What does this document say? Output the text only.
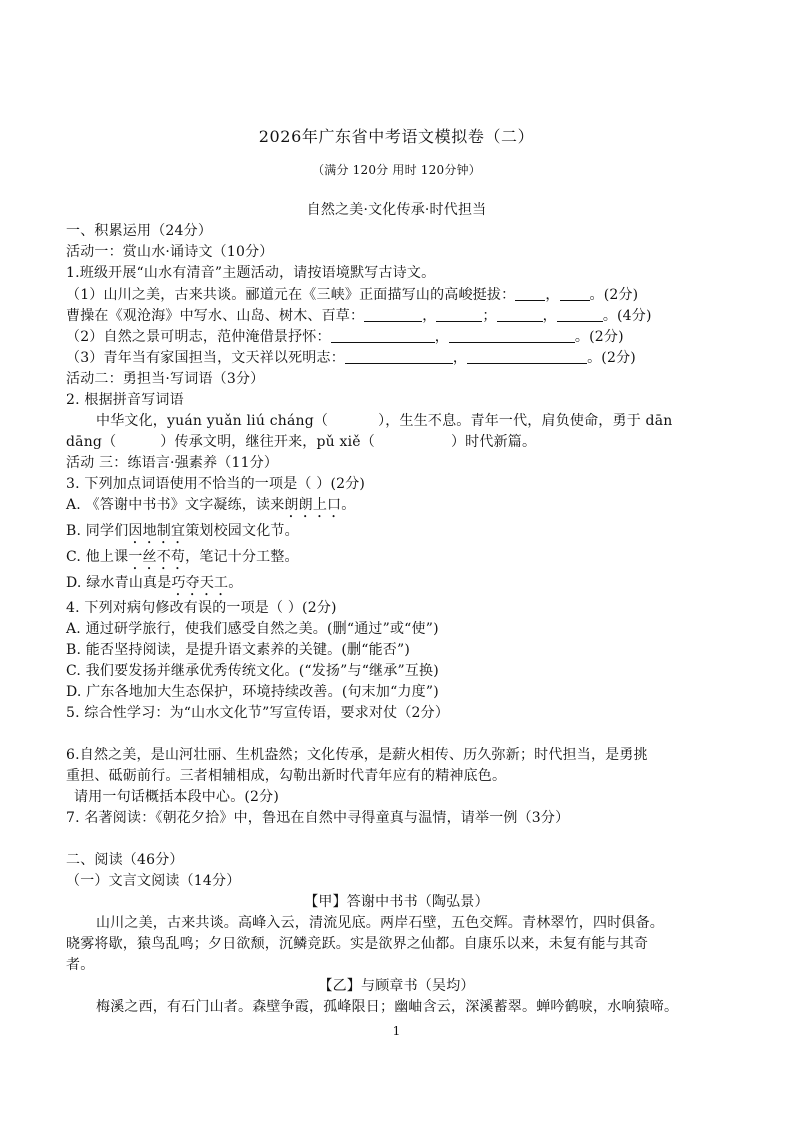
2026年广东省中考语文模拟卷（二）
（满分 120分 用时 120分钟）
自然之美·文化传承·时代担当
一、积累运用（24分）
活动一：赏山水·诵诗文（10分）
1.班级开展“山水有清音”主题活动，请按语境默写古诗文。
（1）山川之美，古来共谈。郦道元在《三峡》正面描写山的高峻挺拔： ， 。(2分)
曹操在《观沧海》中写水、山岛、树木、百草：	，	；	，	。(4分)
（2）自然之景可明志，范仲淹借景抒怀：	，	。(2分)
（3）青年当有家国担当，文天祥以死明志：	，	。(2分)
活动二：勇担当·写词语（3分）
2. 根据拼音写词语
中华文化，yuán yuǎn liú cháng（	），生生不息。青年一代，肩负使命，勇于 dān
dāng（	）传承文明，继往开来，pǔ xiě（	）时代新篇。
活动 三：练语言·强素养（11分）
3. 下列加点词语使用不恰当的一项是（ ）(2分)
A. 《答谢中书书》文字凝练，读来朗朗上口。
B. 同学们因地制宜策划校园文化节。
C. 他上课一丝不苟，笔记十分工整。
D. 绿水青山真是巧夺天工。
4. 下列对病句修改有误的一项是（ ）(2分)
A. 通过研学旅行，使我们感受自然之美。(删“通过”或“使”)
B. 能否坚持阅读，是提升语文素养的关键。(删“能否”)
C. 我们要发扬并继承优秀传统文化。(“发扬”与“继承”互换)
D. 广东各地加大生态保护，环境持续改善。(句末加“力度”)
5. 综合性学习：为“山水文化节”写宣传语，要求对仗（2分）
6.自然之美，是山河壮丽、生机盎然；文化传承，是薪火相传、历久弥新；时代担当，是勇挑
重担、砥砺前行。三者相辅相成，勾勒出新时代青年应有的精神底色。
请用一句话概括本段中心。(2分)
7. 名著阅读：《朝花夕拾》中，鲁迅在自然中寻得童真与温情，请举一例（3分）
二、阅读（46分）
（一）文言文阅读（14分）
【甲】答谢中书书（陶弘景）
山川之美，古来共谈。高峰入云，清流见底。两岸石壁，五色交辉。青林翠竹，四时俱备。
晓雾将歇，猿鸟乱鸣；夕日欲颓，沉鳞竞跃。实是欲界之仙都。自康乐以来，未复有能与其奇
者。
【乙】与顾章书（吴均）
梅溪之西，有石门山者。森壁争霞，孤峰限日；幽岫含云，深溪蓄翠。蝉吟鹤唳，水响猿啼。
1
